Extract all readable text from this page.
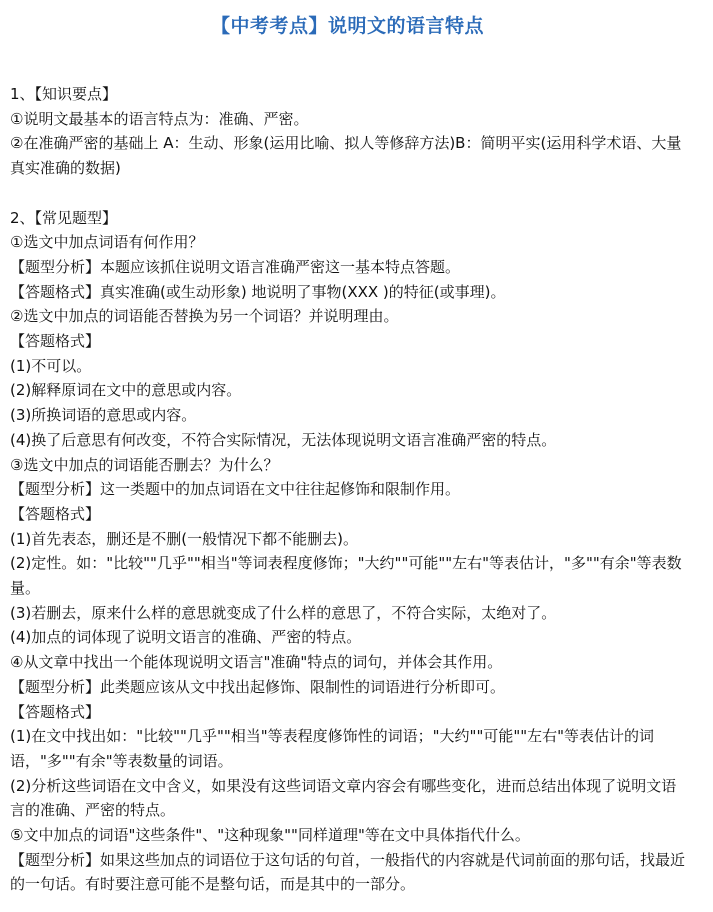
【中考考点】说明文的语言特点
1、【知识要点】
①说明文最基本的语言特点为：准确、严密。
②在准确严密的基础上 A：生动、形象(运用比喻、拟人等修辞方法)B：简明平实(运用科学术语、大量真实准确的数据)
2、【常见题型】
①选文中加点词语有何作用？
【题型分析】本题应该抓住说明文语言准确严密这一基本特点答题。
【答题格式】真实准确(或生动形象) 地说明了事物(XXX )的特征(或事理)。
②选文中加点的词语能否替换为另一个词语？并说明理由。
【答题格式】
(1)不可以。
(2)解释原词在文中的意思或内容。
(3)所换词语的意思或内容。
(4)换了后意思有何改变，不符合实际情况，无法体现说明文语言准确严密的特点。
③选文中加点的词语能否删去？为什么？
【题型分析】这一类题中的加点词语在文中往往起修饰和限制作用。
【答题格式】
(1)首先表态，删还是不删(一般情况下都不能删去)。
(2)定性。如："比较""几乎""相当"等词表程度修饰；"大约""可能""左右"等表估计，"多""有余"等表数量。
(3)若删去，原来什么样的意思就变成了什么样的意思了，不符合实际，太绝对了。
(4)加点的词体现了说明文语言的准确、严密的特点。
④从文章中找出一个能体现说明文语言"准确"特点的词句，并体会其作用。
【题型分析】此类题应该从文中找出起修饰、限制性的词语进行分析即可。
【答题格式】
(1)在文中找出如："比较""几乎""相当"等表程度修饰性的词语；"大约""可能""左右"等表估计的词语，"多""有余"等表数量的词语。
(2)分析这些词语在文中含义，如果没有这些词语文章内容会有哪些变化，进而总结出体现了说明文语言的准确、严密的特点。
⑤文中加点的词语"这些条件"、"这种现象""同样道理"等在文中具体指代什么。
【题型分析】如果这些加点的词语位于这句话的句首，一般指代的内容就是代词前面的那句话，找最近的一句话。有时要注意可能不是整句话，而是其中的一部分。
